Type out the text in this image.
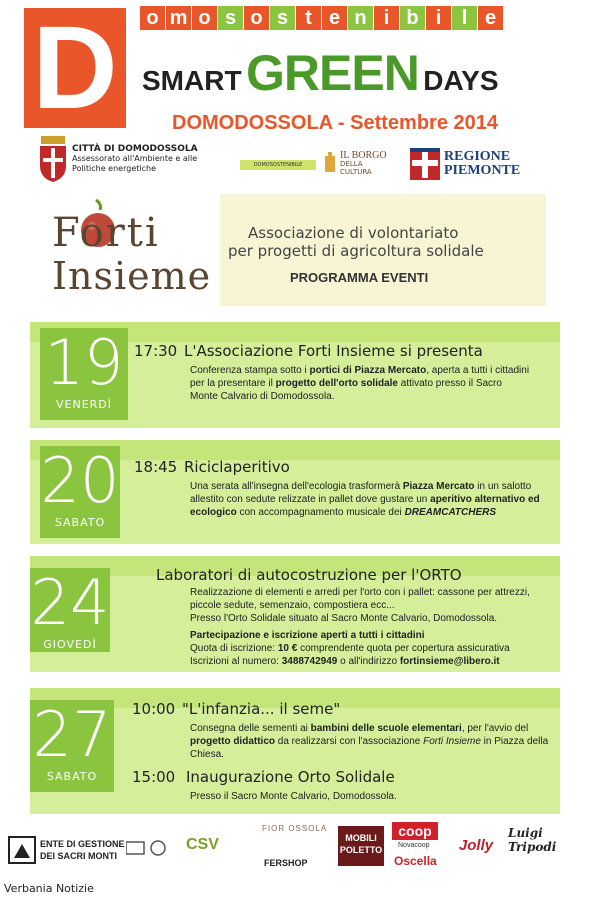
D	o m o s o s t e n i b i	l e
SMART GREEN DAYS
DOMODOSSOLA - Settembre 2014
CITTÀ DI DOMODOSSOLA
Assessorato all'Ambiente e alle
Politiche energetiche	DOMOSOSTENIBILE
IL BORGO
DELLA CULTURA
REGIONE
PIEMONTE
Forti
Insieme
Associazione di volontariato
per progetti di agricoltura solidale
PROGRAMMA EVENTI
19
VENERDÌ
17:30 L'Associazione Forti Insieme si presenta
Conferenza stampa sotto i portici di Piazza Mercato, aperta a tutti i cittadini
per la presentare il progetto dell'orto solidale attivato presso il Sacro
Monte Calvario di Domodossola.
20
SABATO
18:45 Riciclaperitivo
Una serata all'insegna dell'ecologia trasformerà Piazza Mercato in un salotto
allestito con sedute relizzate in pallet dove gustare un aperitivo alternativo ed
ecologico con accompagnamento musicale dei DREAMCATCHERS
24
GIOVEDÌ
Laboratori di autocostruzione per l'ORTO
Realizzazione di elementi e arredi per l'orto con i pallet: cassone per attrezzi,
piccole sedute, semenzaio, compostiera ecc...
Presso l'Orto Solidale situato al Sacro Monte Calvario, Domodossola.

Partecipazione e iscrizione aperti a tutti i cittadini
Quota di iscrizione: 10 € comprendente quota per copertura assicurativa
Iscrizioni al numero: 3488742949 o all'indirizzo fortinsieme@libero.it
27
SABATO
10:00 "L'infanzia... il seme"
Consegna delle sementi ai bambini delle scuole elementari, per l'avvio del
progetto didattico da realizzarsi con l'associazione Forti Insieme in Piazza della
Chiesa.
15:00 Inaugurazione Orto Solidale
Presso il Sacro Monte Calvario, Domodossola.
ENTE DI GESTIONE
DEI SACRI MONTI
CSV
FIOR OSSOLA
FERSHOP
MOBILI
POLETTO
coop
Novacoop
Oscella
Jolly
Luigi
Tripodi
Verbania Notizie
